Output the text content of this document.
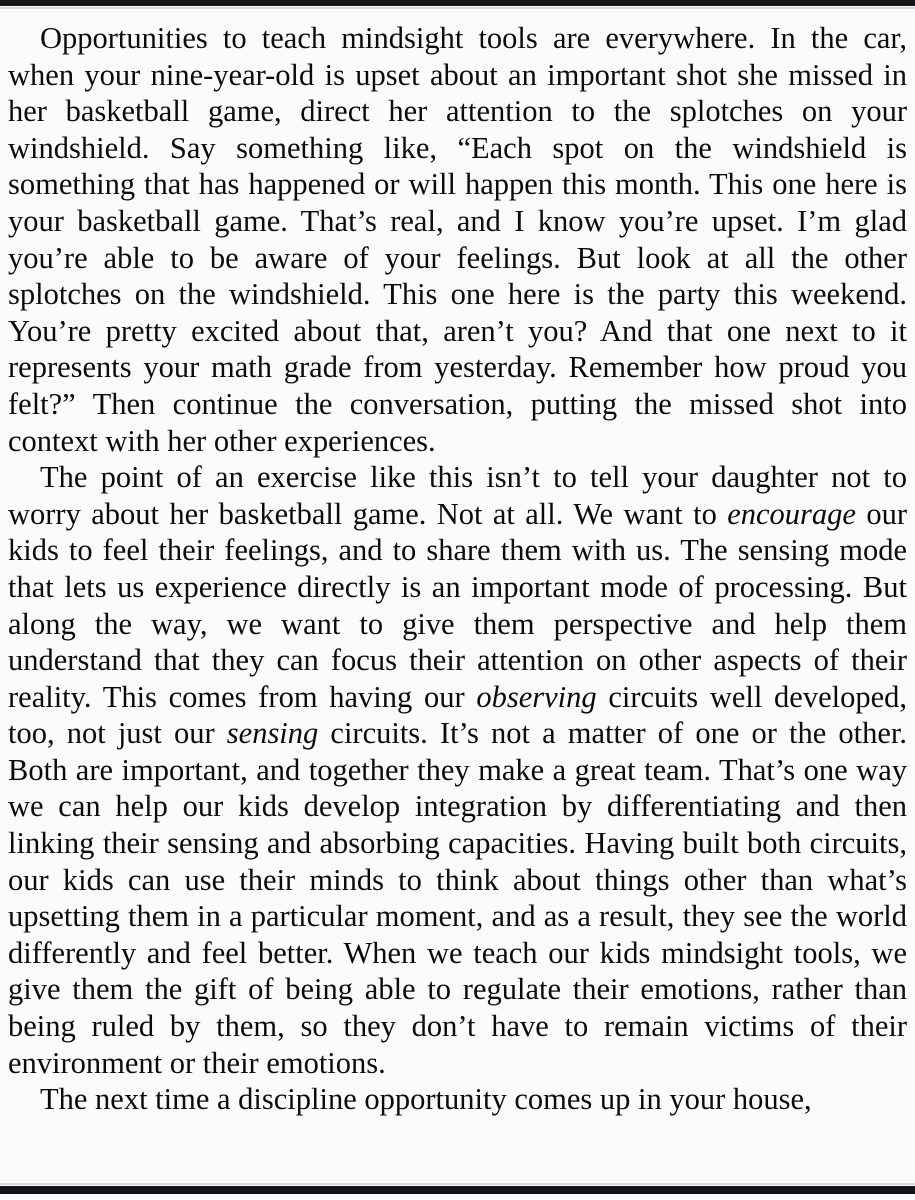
Opportunities to teach mindsight tools are everywhere. In the car, when your nine-year-old is upset about an important shot she missed in her basketball game, direct her attention to the splotches on your windshield. Say something like, “Each spot on the windshield is something that has happened or will happen this month. This one here is your basketball game. That’s real, and I know you’re upset. I’m glad you’re able to be aware of your feelings. But look at all the other splotches on the windshield. This one here is the party this weekend. You’re pretty excited about that, aren’t you? And that one next to it represents your math grade from yesterday. Remember how proud you felt?” Then continue the conversation, putting the missed shot into context with her other experiences.

The point of an exercise like this isn’t to tell your daughter not to worry about her basketball game. Not at all. We want to encourage our kids to feel their feelings, and to share them with us. The sensing mode that lets us experience directly is an important mode of processing. But along the way, we want to give them perspective and help them understand that they can focus their attention on other aspects of their reality. This comes from having our observing circuits well developed, too, not just our sensing circuits. It’s not a matter of one or the other. Both are important, and together they make a great team. That’s one way we can help our kids develop integration by differentiating and then linking their sensing and absorbing capacities. Having built both circuits, our kids can use their minds to think about things other than what’s upsetting them in a particular moment, and as a result, they see the world differently and feel better. When we teach our kids mindsight tools, we give them the gift of being able to regulate their emotions, rather than being ruled by them, so they don’t have to remain victims of their environment or their emotions.

The next time a discipline opportunity comes up in your house,
